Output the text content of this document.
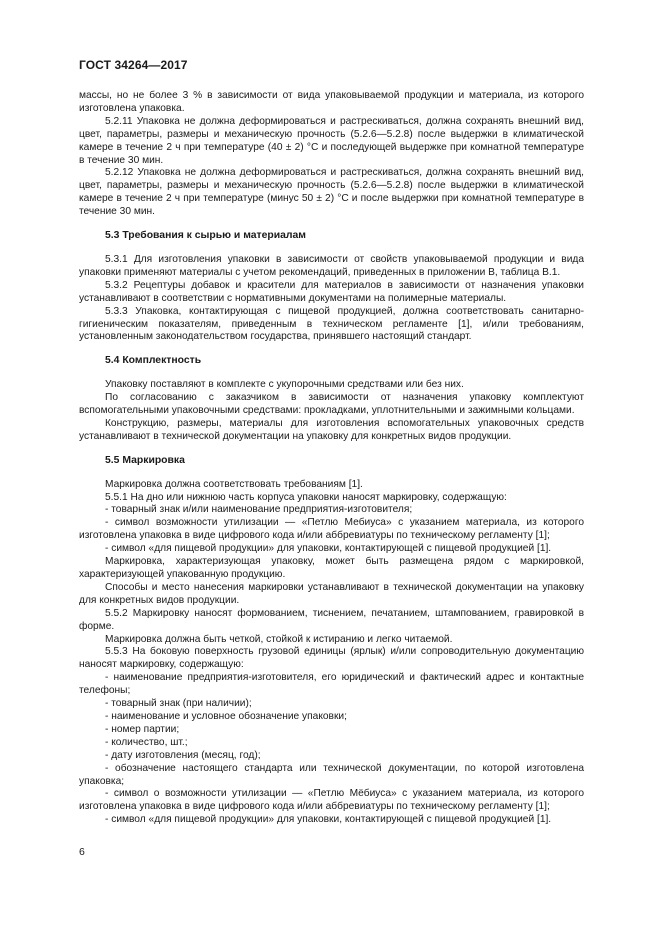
ГОСТ 34264—2017

массы, но не более 3 % в зависимости от вида упаковываемой продукции и материала, из которого изготовлена упаковка.

5.2.11 Упаковка не должна деформироваться и растрескиваться, должна сохранять внешний вид, цвет, параметры, размеры и механическую прочность (5.2.6—5.2.8) после выдержки в климатической камере в течение 2 ч при температуре (40 ± 2) °С и последующей выдержке при комнатной температуре в течение 30 мин.

5.2.12 Упаковка не должна деформироваться и растрескиваться, должна сохранять внешний вид, цвет, параметры, размеры и механическую прочность (5.2.6—5.2.8) после выдержки в климатической камере в течение 2 ч при температуре (минус 50 ± 2) °С и после выдержки при комнатной температуре в течение 30 мин.

5.3 Требования к сырью и материалам

5.3.1 Для изготовления упаковки в зависимости от свойств упаковываемой продукции и вида упаковки применяют материалы с учетом рекомендаций, приведенных в приложении В, таблица В.1.

5.3.2 Рецептуры добавок и красители для материалов в зависимости от назначения упаковки устанавливают в соответствии с нормативными документами на полимерные материалы.

5.3.3 Упаковка, контактирующая с пищевой продукцией, должна соответствовать санитарно-гигиеническим показателям, приведенным в техническом регламенте [1], и/или требованиям, установленным законодательством государства, принявшего настоящий стандарт.

5.4 Комплектность

Упаковку поставляют в комплекте с укупорочными средствами или без них.

По согласованию с заказчиком в зависимости от назначения упаковку комплектуют вспомогательными упаковочными средствами: прокладками, уплотнительными и зажимными кольцами.

Конструкцию, размеры, материалы для изготовления вспомогательных упаковочных средств устанавливают в технической документации на упаковку для конкретных видов продукции.

5.5 Маркировка

Маркировка должна соответствовать требованиям [1].

5.5.1 На дно или нижнюю часть корпуса упаковки наносят маркировку, содержащую:

- товарный знак и/или наименование предприятия-изготовителя;

- символ возможности утилизации — «Петлю Мебиуса» с указанием материала, из которого изготовлена упаковка в виде цифрового кода и/или аббревиатуры по техническому регламенту [1];

- символ «для пищевой продукции» для упаковки, контактирующей с пищевой продукцией [1].

Маркировка, характеризующая упаковку, может быть размещена рядом с маркировкой, характеризующей упакованную продукцию.

Способы и место нанесения маркировки устанавливают в технической документации на упаковку для конкретных видов продукции.

5.5.2 Маркировку наносят формованием, тиснением, печатанием, штампованием, гравировкой в форме.

Маркировка должна быть четкой, стойкой к истиранию и легко читаемой.

5.5.3 На боковую поверхность грузовой единицы (ярлык) и/или сопроводительную документацию наносят маркировку, содержащую:

- наименование предприятия-изготовителя, его юридический и фактический адрес и контактные телефоны;

- товарный знак (при наличии);

- наименование и условное обозначение упаковки;

- номер партии;

- количество, шт.;

- дату изготовления (месяц, год);

- обозначение настоящего стандарта или технической документации, по которой изготовлена упаковка;

- символ о возможности утилизации — «Петлю Мёбиуса» с указанием материала, из которого изготовлена упаковка в виде цифрового кода и/или аббревиатуры по техническому регламенту [1];

- символ «для пищевой продукции» для упаковки, контактирующей с пищевой продукцией [1].

6
